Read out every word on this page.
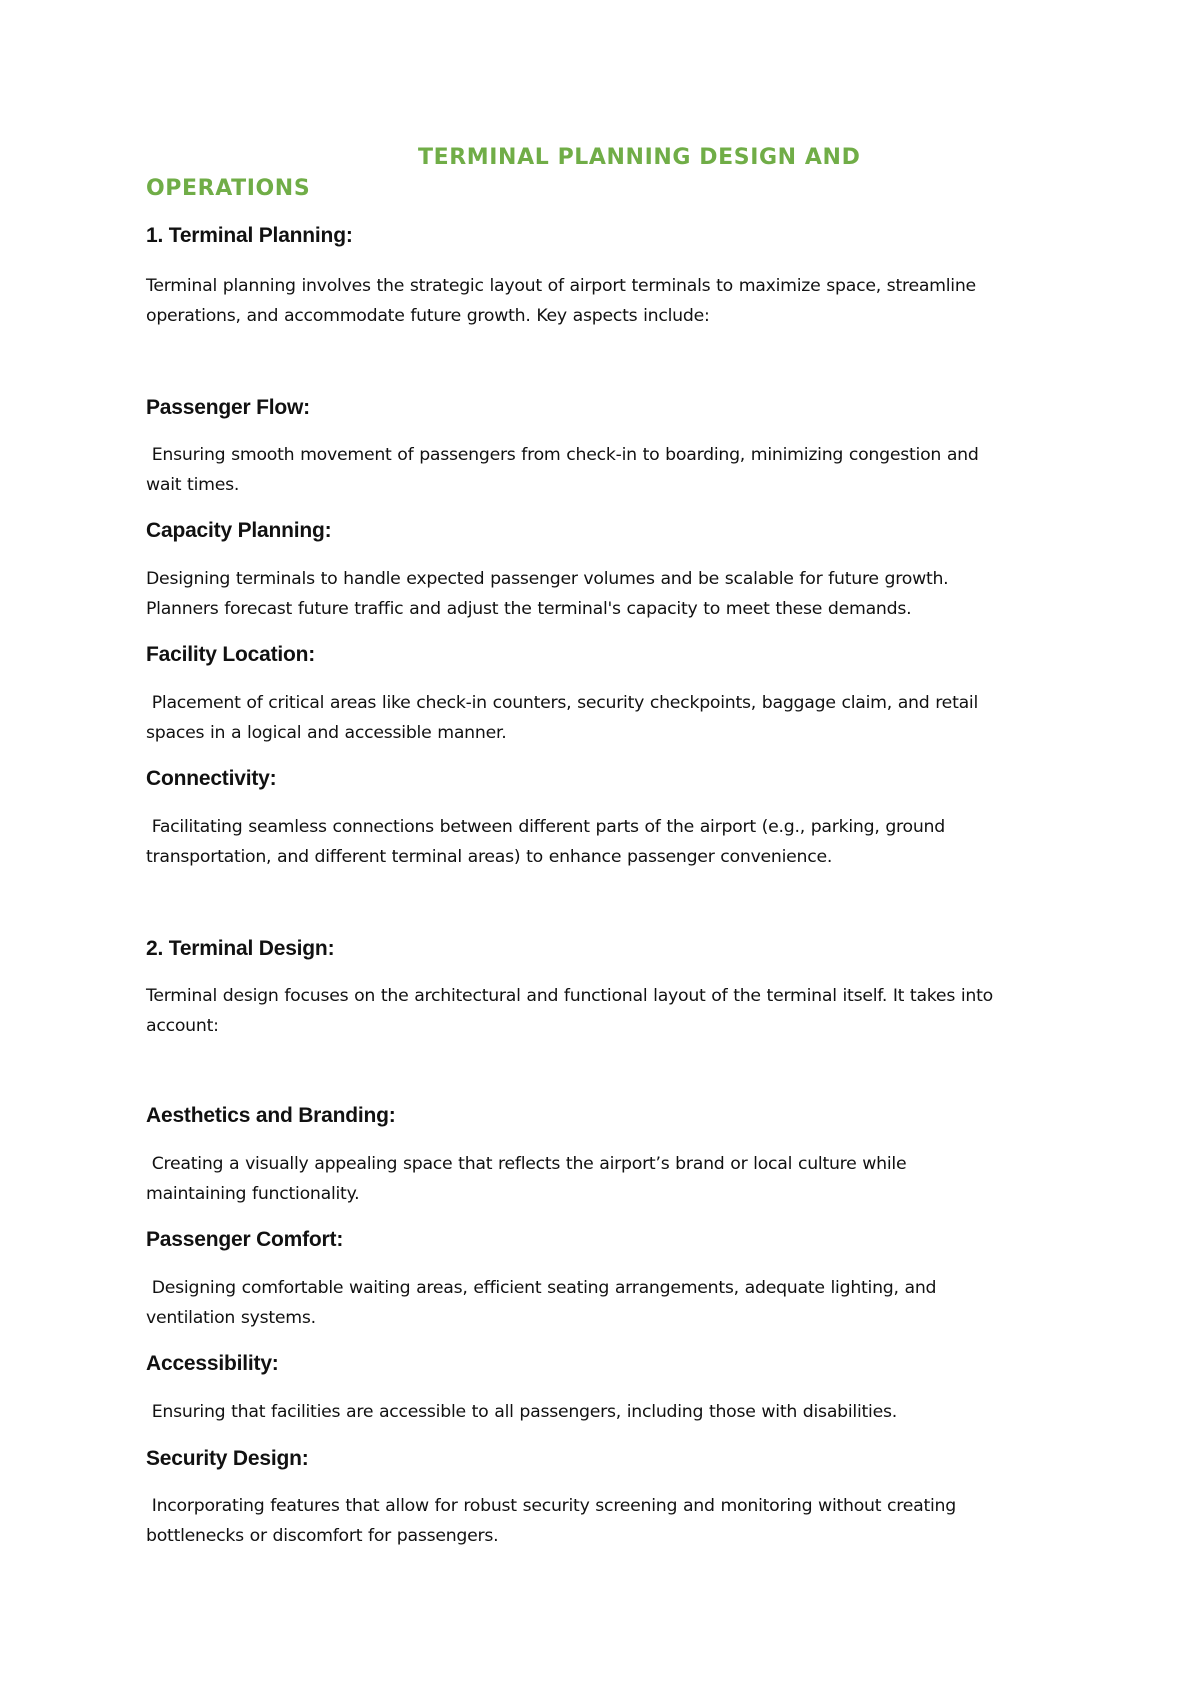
TERMINAL PLANNING DESIGN AND
OPERATIONS
1. Terminal Planning:
Terminal planning involves the strategic layout of airport terminals to maximize space, streamline
operations, and accommodate future growth. Key aspects include:
Passenger Flow:
Ensuring smooth movement of passengers from check-in to boarding, minimizing congestion and
wait times.
Capacity Planning:
Designing terminals to handle expected passenger volumes and be scalable for future growth.
Planners forecast future traffic and adjust the terminal's capacity to meet these demands.
Facility Location:
Placement of critical areas like check-in counters, security checkpoints, baggage claim, and retail
spaces in a logical and accessible manner.
Connectivity:
Facilitating seamless connections between different parts of the airport (e.g., parking, ground
transportation, and different terminal areas) to enhance passenger convenience.
2. Terminal Design:
Terminal design focuses on the architectural and functional layout of the terminal itself. It takes into
account:
Aesthetics and Branding:
Creating a visually appealing space that reflects the airport’s brand or local culture while
maintaining functionality.
Passenger Comfort:
Designing comfortable waiting areas, efficient seating arrangements, adequate lighting, and
ventilation systems.
Accessibility:
Ensuring that facilities are accessible to all passengers, including those with disabilities.
Security Design:
Incorporating features that allow for robust security screening and monitoring without creating
bottlenecks or discomfort for passengers.
